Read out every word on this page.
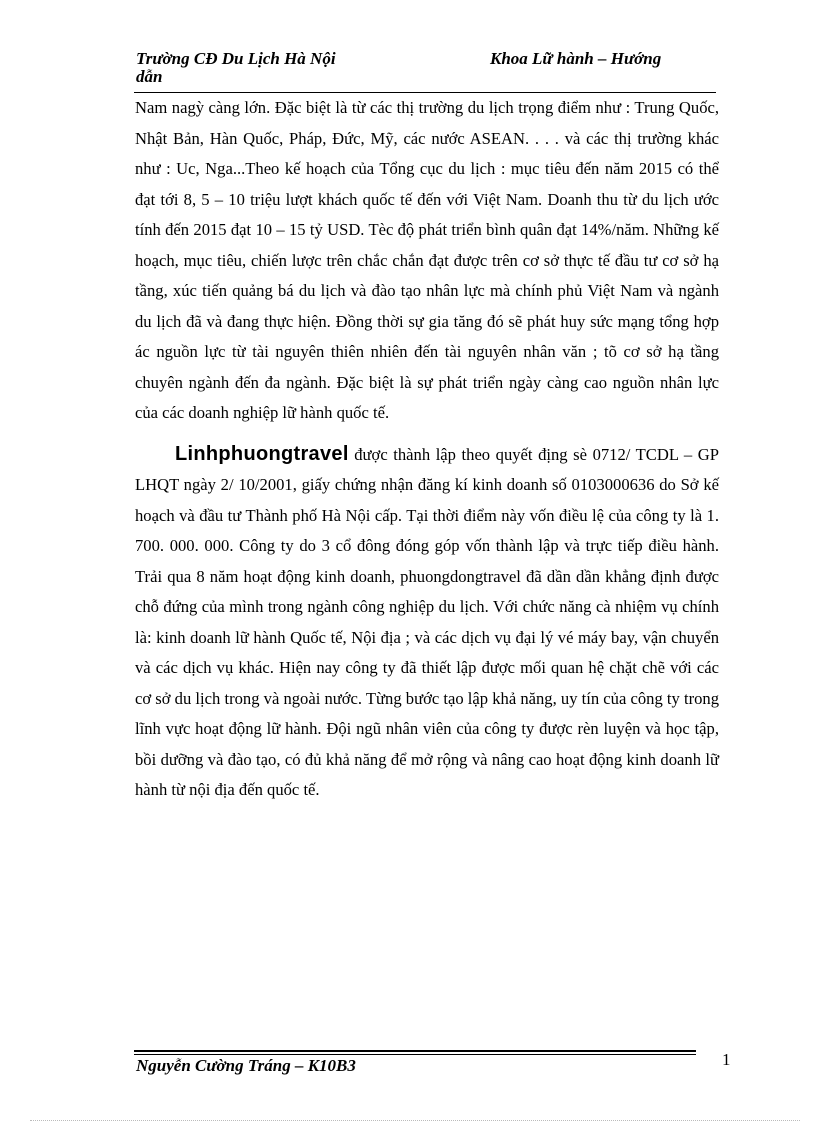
Trường CĐ Du Lịch Hà Nội
dẫn
Khoa Lữ hành – Hướng

Nam nagỳ càng lớn. Đặc biệt là từ các thị trường du lịch trọng điểm như : Trung Quốc, Nhật Bản, Hàn Quốc, Pháp, Đức, Mỹ, các nước ASEAN. . . . và các thị trường khác như : Uc, Nga...Theo kế hoạch của Tổng cục du lịch : mục tiêu đến năm 2015 có thể đạt tới 8, 5 – 10 triệu lượt khách quốc tế đến với Việt Nam. Doanh thu từ du lịch ước tính đến 2015 đạt 10 – 15 tỷ USD. Tèc độ phát triển bình quân đạt 14%/năm. Những kế hoạch, mục tiêu, chiến lược trên chắc chắn đạt được trên cơ sở thực tế đầu tư cơ sở hạ tầng, xúc tiến quảng bá du lịch và đào tạo nhân lực mà chính phủ Việt Nam và ngành du lịch đã và đang thực hiện. Đồng thời sự gia tăng đó sẽ phát huy sức mạng tổng hợp ác nguồn lực từ tài nguyên thiên nhiên đến tài nguyên nhân văn ; tõ cơ sở hạ tầng chuyên ngành đến đa ngành. Đặc biệt là sự phát triển ngày càng cao nguồn nhân lực của các doanh nghiệp lữ hành quốc tế.

Linhphuongtravel được thành lập theo quyết địng sè 0712/ TCDL – GP LHQT ngày 2/ 10/2001, giấy chứng nhận đăng kí kinh doanh số 0103000636 do Sở kế hoạch và đầu tư Thành phố Hà Nội cấp. Tại thời điểm này vốn điều lệ của công ty là 1. 700. 000. 000. Công ty do 3 cổ đông đóng góp vốn thành lập và trực tiếp điều hành. Trải qua 8 năm hoạt động kinh doanh, phuongdongtravel đã dần dần khẳng định được chỗ đứng của mình trong ngành công nghiệp du lịch. Với chức năng cà nhiệm vụ chính là: kinh doanh lữ hành Quốc tế, Nội địa ; và các dịch vụ đại lý vé máy bay, vận chuyển và các dịch vụ khác. Hiện nay công ty đã thiết lập được mối quan hệ chặt chẽ với các cơ sở du lịch trong và ngoài nước. Từng bước tạo lập khả năng, uy tín của công ty trong lĩnh vực hoạt động lữ hành. Đội ngũ nhân viên của công ty được rèn luyện và học tập, bồi dưỡng và đào tạo, có đủ khả năng để mở rộng và nâng cao hoạt động kinh doanh lữ hành từ nội địa đến quốc tế.

Nguyễn Cường Tráng – K10B3	1
